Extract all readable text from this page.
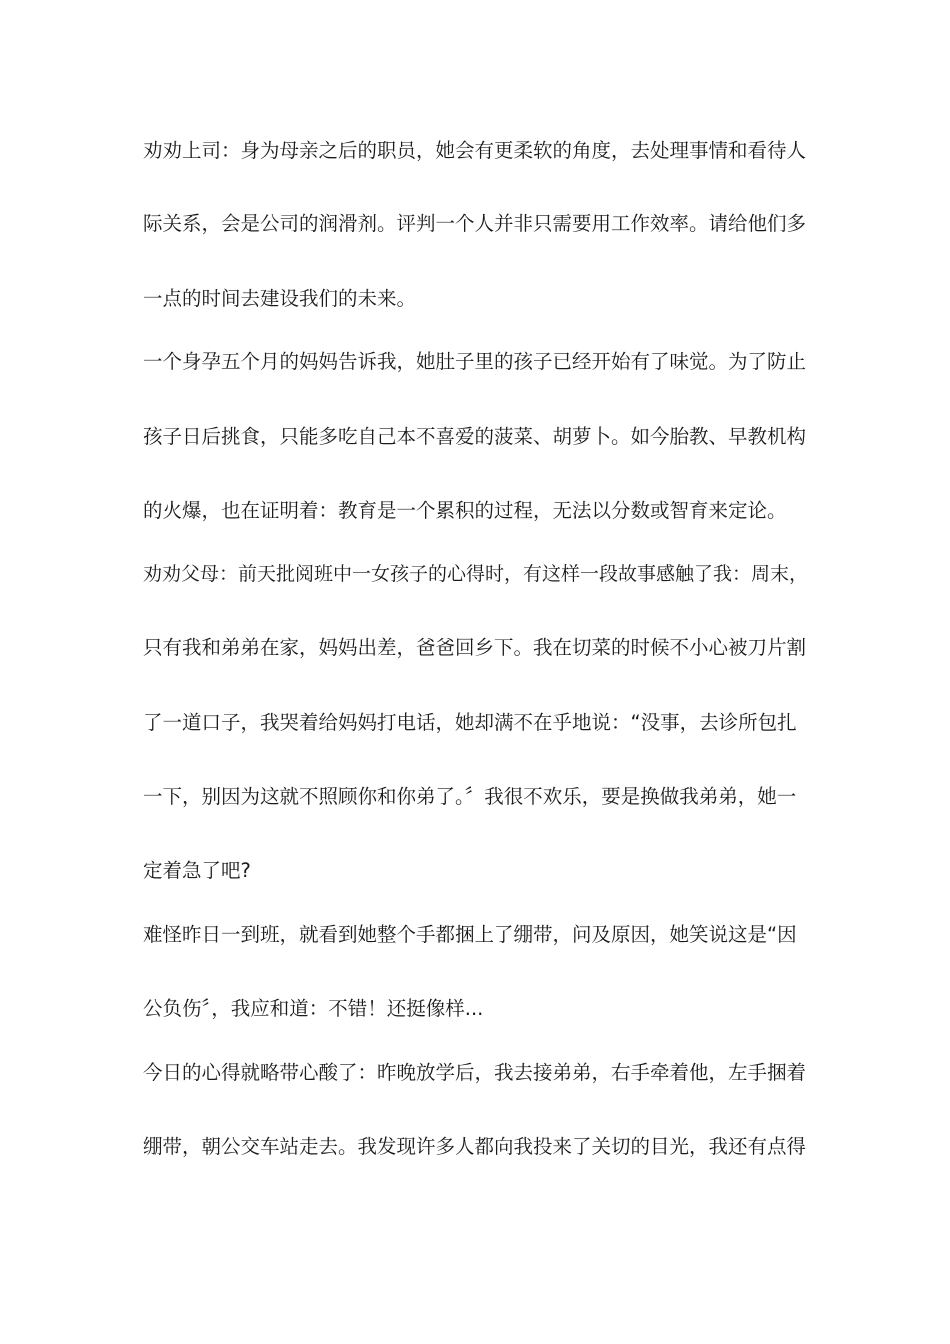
劝劝上司：身为母亲之后的职员，她会有更柔软的角度，去处理事情和看待人
际关系，会是公司的润滑剂。评判一个人并非只需要用工作效率。请给他们多
一点的时间去建设我们的未来。
一个身孕五个月的妈妈告诉我，她肚子里的孩子已经开始有了味觉。为了防止
孩子日后挑食，只能多吃自己本不喜爱的菠菜、胡萝卜。如今胎教、早教机构
的火爆，也在证明着：教育是一个累积的过程，无法以分数或智育来定论。
劝劝父母：前天批阅班中一女孩子的心得时，有这样一段故事感触了我：周末，
只有我和弟弟在家，妈妈出差，爸爸回乡下。我在切菜的时候不小心被刀片割
了一道口子，我哭着给妈妈打电话，她却满不在乎地说：“没事，去诊所包扎
一下，别因为这就不照顾你和你弟了。〞我很不欢乐，要是换做我弟弟，她一
定着急了吧?
难怪昨日一到班，就看到她整个手都捆上了绷带，问及原因，她笑说这是“因
公负伤〞，我应和道：不错！还挺像样...
今日的心得就略带心酸了：昨晚放学后，我去接弟弟，右手牵着他，左手捆着
绷带，朝公交车站走去。我发现许多人都向我投来了关切的目光，我还有点得
